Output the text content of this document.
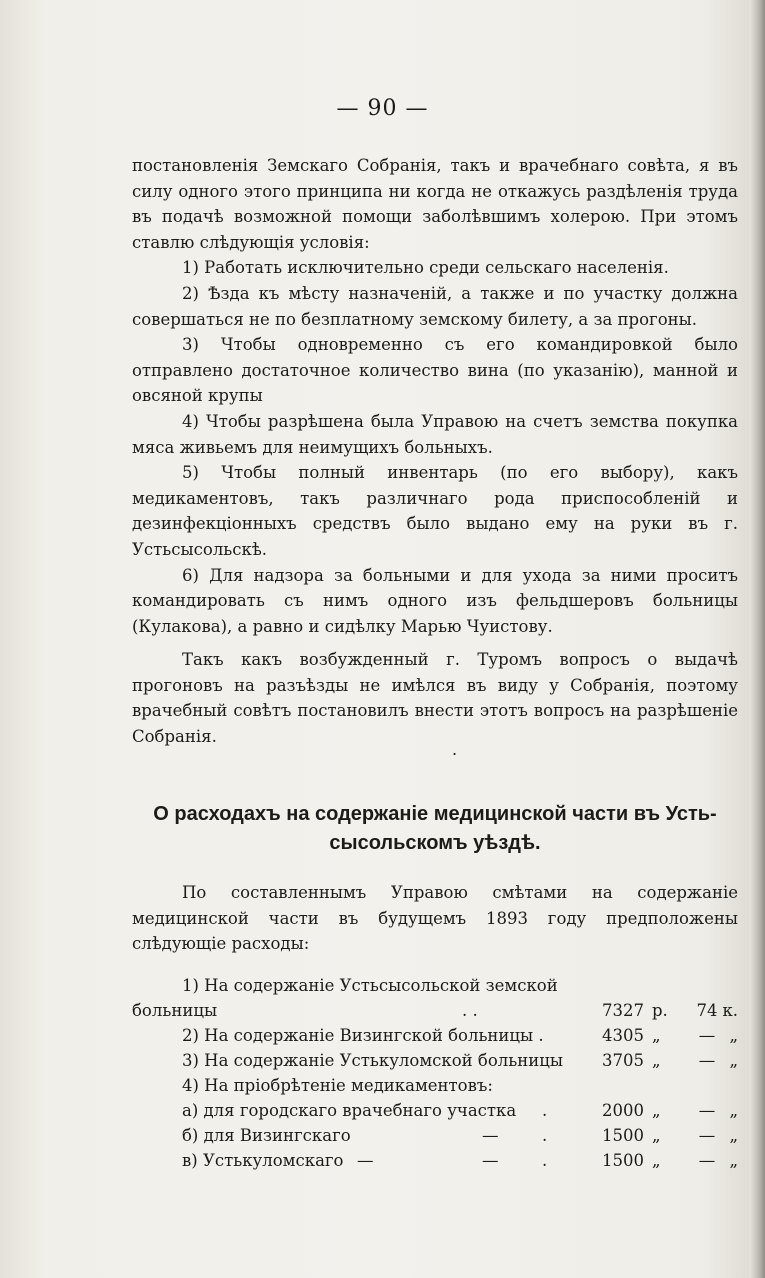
— 90 —

постановленія Земскаго Собранія, такъ и врачебнаго совѣта, я въ силу одного этого принципа ни когда не откажусь раздѣленія труда въ подачѣ возможной помощи заболѣвшимъ холерою. При этомъ ставлю слѣдующія условія:

1) Работать исключительно среди сельскаго населенія.

2) Ѣзда къ мѣсту назначеній, а также и по участку должна совершаться не по безплатному земскому билету, а за прогоны.

3) Чтобы одновременно съ его командировкой было отправлено достаточное количество вина (по указанію), манной и овсяной крупы

4) Чтобы разрѣшена была Управою на счетъ земства покупка мяса живьемъ для неимущихъ больныхъ.

5) Чтобы полный инвентарь (по его выбору), какъ медикаментовъ, такъ различнаго рода приспособленій и дезинфекціонныхъ средствъ было выдано ему на руки въ г. Устьсысольскѣ.

6) Для надзора за больными и для ухода за ними проситъ командировать съ нимъ одного изъ фельдшеровъ больницы (Кулакова), а равно и сидѣлку Марью Чуистову.

Такъ какъ возбужденный г. Туромъ вопросъ о выдачѣ прогоновъ на разъѣзды не имѣлся въ виду у Собранія, поэтому врачебный совѣтъ постановилъ внести этотъ вопросъ на разрѣшеніе Собранія.

.
О расходахъ на содержаніе медицинской части въ Усть-
сысольскомъ уѣздѣ.

По составленнымъ Управою смѣтами на содержаніе медицинской части въ будущемъ 1893 году предположены слѣдующіе расходы:

1) На содержаніе Устьсысольской земской
больницы	. .	7327 р.	74 к.
2) На содержаніе Визингской больницы .	4305 „	— „
3) На содержаніе Устькуломской больницы	3705 „	— „
4) На пріобрѣтеніе медикаментовъ:
а) для городскаго врачебнаго участка .	2000 „	— „
б) для Визингскаго	—	.	1500 „	— „
в) Устькуломскаго —	—	.	1500 „	— „
